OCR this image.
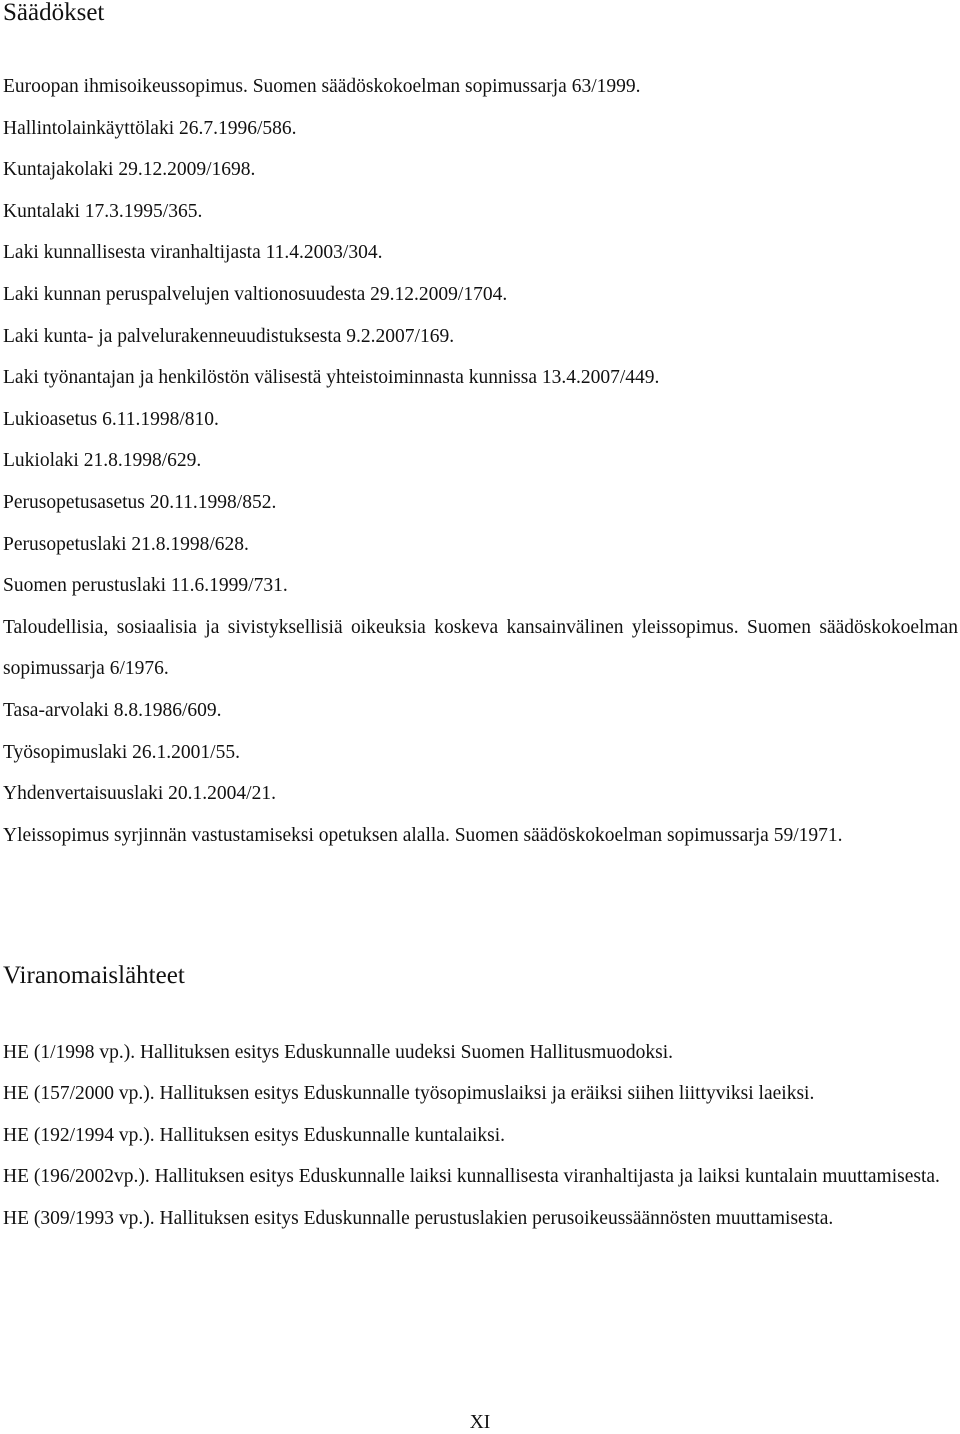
Säädökset
Euroopan ihmisoikeussopimus. Suomen säädöskokoelman sopimussarja 63/1999.
Hallintolainkäyttölaki 26.7.1996/586.
Kuntajakolaki 29.12.2009/1698.
Kuntalaki 17.3.1995/365.
Laki kunnallisesta viranhaltijasta 11.4.2003/304.
Laki kunnan peruspalvelujen valtionosuudesta 29.12.2009/1704.
Laki kunta- ja palvelurakenneuudistuksesta 9.2.2007/169.
Laki työnantajan ja henkilöstön välisestä yhteistoiminnasta kunnissa 13.4.2007/449.
Lukioasetus 6.11.1998/810.
Lukiolaki 21.8.1998/629.
Perusopetusasetus 20.11.1998/852.
Perusopetuslaki 21.8.1998/628.
Suomen perustuslaki 11.6.1999/731.
Taloudellisia, sosiaalisia ja sivistyksellisiä oikeuksia koskeva kansainvälinen yleissopimus. Suomen säädöskokoelman sopimussarja 6/1976.
Tasa-arvolaki 8.8.1986/609.
Työsopimuslaki 26.1.2001/55.
Yhdenvertaisuuslaki 20.1.2004/21.
Yleissopimus syrjinnän vastustamiseksi opetuksen alalla. Suomen säädöskokoelman sopimussarja 59/1971.
Viranomaislähteet
HE (1/1998 vp.). Hallituksen esitys Eduskunnalle uudeksi Suomen Hallitusmuodoksi.
HE (157/2000 vp.). Hallituksen esitys Eduskunnalle työsopimuslaiksi ja eräiksi siihen liittyviksi laeiksi.
HE (192/1994 vp.). Hallituksen esitys Eduskunnalle kuntalaiksi.
HE (196/2002vp.). Hallituksen esitys Eduskunnalle laiksi kunnallisesta viranhaltijasta ja laiksi kuntalain muuttamisesta.
HE (309/1993 vp.). Hallituksen esitys Eduskunnalle perustuslakien perusoikeussäännösten muuttamisesta.
XI
